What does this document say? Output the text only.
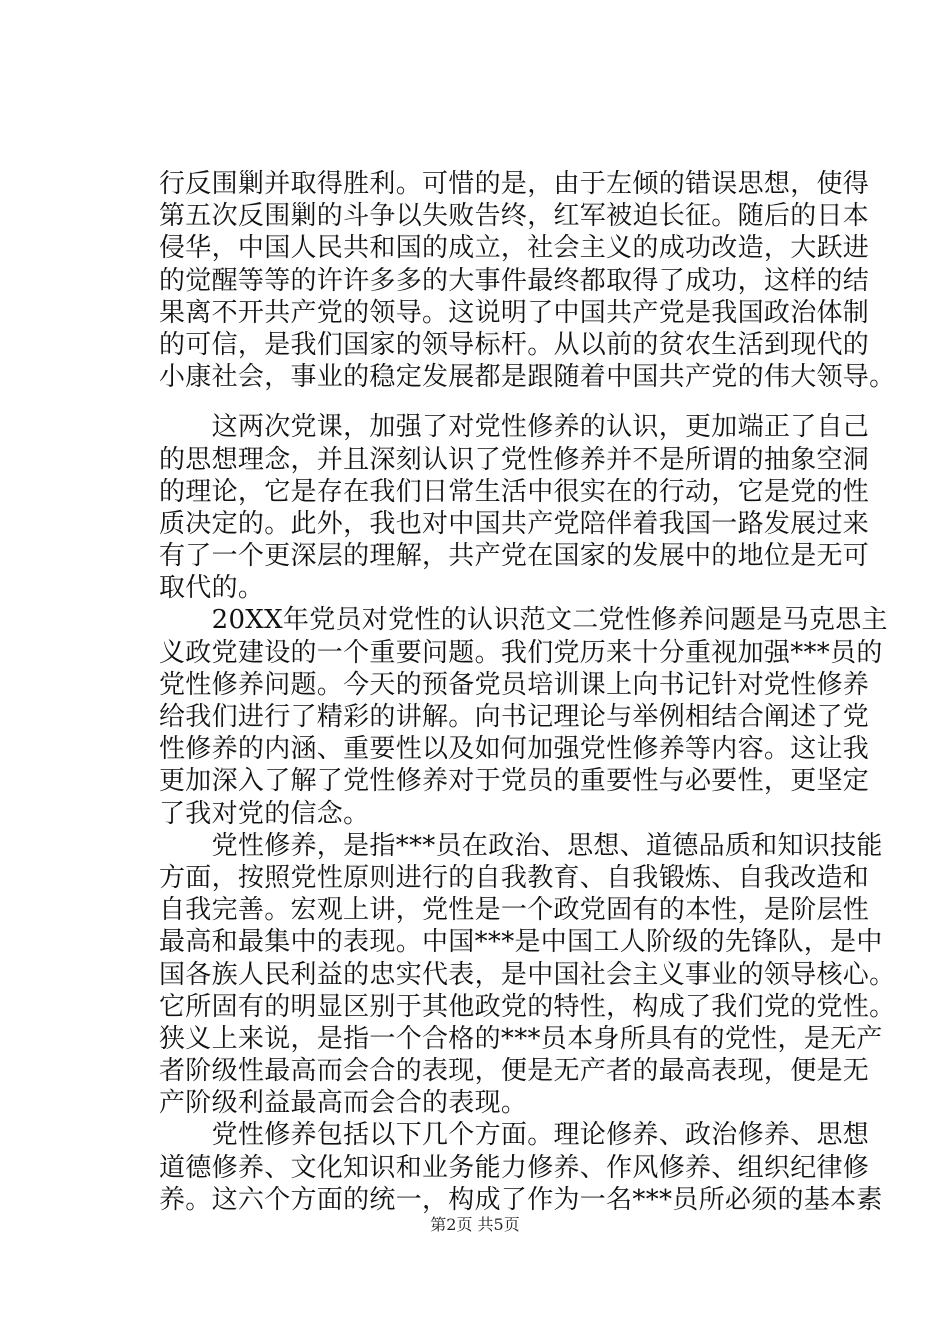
行反围剿并取得胜利。可惜的是，由于左倾的错误思想，使得
第五次反围剿的斗争以失败告终，红军被迫长征。随后的日本
侵华，中国人民共和国的成立，社会主义的成功改造，大跃进
的觉醒等等的许许多多的大事件最终都取得了成功，这样的结
果离不开共产党的领导。这说明了中国共产党是我国政治体制
的可信，是我们国家的领导标杆。从以前的贫农生活到现代的
小康社会，事业的稳定发展都是跟随着中国共产党的伟大领导。
　　这两次党课，加强了对党性修养的认识，更加端正了自己
的思想理念，并且深刻认识了党性修养并不是所谓的抽象空洞
的理论，它是存在我们日常生活中很实在的行动，它是党的性
质决定的。此外，我也对中国共产党陪伴着我国一路发展过来
有了一个更深层的理解，共产党在国家的发展中的地位是无可
取代的。
　　20XX年党员对党性的认识范文二党性修养问题是马克思主
义政党建设的一个重要问题。我们党历来十分重视加强***员的
党性修养问题。今天的预备党员培训课上向书记针对党性修养
给我们进行了精彩的讲解。向书记理论与举例相结合阐述了党
性修养的内涵、重要性以及如何加强党性修养等内容。这让我
更加深入了解了党性修养对于党员的重要性与必要性，更坚定
了我对党的信念。
　　党性修养，是指***员在政治、思想、道德品质和知识技能
方面，按照党性原则进行的自我教育、自我锻炼、自我改造和
自我完善。宏观上讲，党性是一个政党固有的本性，是阶层性
最高和最集中的表现。中国***是中国工人阶级的先锋队，是中
国各族人民利益的忠实代表，是中国社会主义事业的领导核心。
它所固有的明显区别于其他政党的特性，构成了我们党的党性。
狭义上来说，是指一个合格的***员本身所具有的党性，是无产
者阶级性最高而会合的表现，便是无产者的最高表现，便是无
产阶级利益最高而会合的表现。
　　党性修养包括以下几个方面。理论修养、政治修养、思想
道德修养、文化知识和业务能力修养、作风修养、组织纪律修
养。这六个方面的统一，构成了作为一名***员所必须的基本素
第2页 共5页
